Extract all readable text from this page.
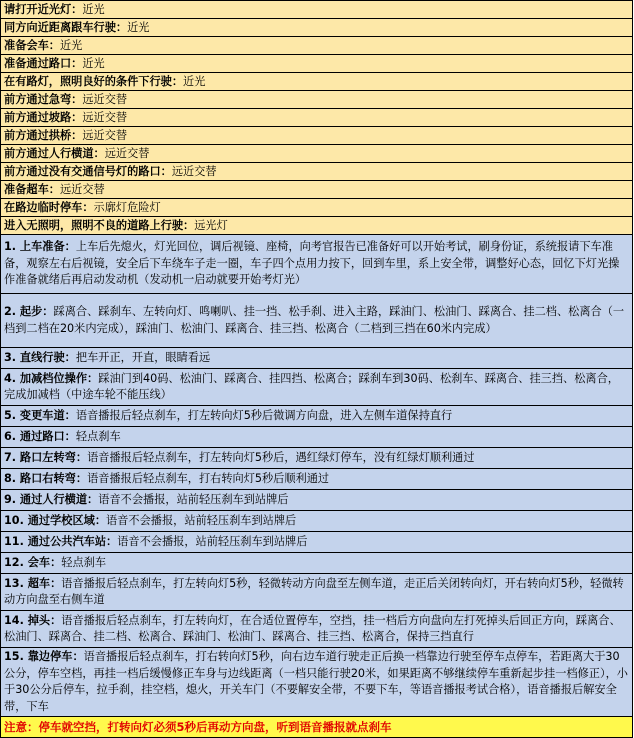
请打开近光灯：近光
同方向近距离跟车行驶：近光
准备会车：近光
准备通过路口：近光
在有路灯，照明良好的条件下行驶：近光
前方通过急弯：远近交替
前方通过坡路：远近交替
前方通过拱桥：远近交替
前方通过人行横道：远近交替
前方通过没有交通信号灯的路口：远近交替
准备超车：远近交替
在路边临时停车：示廓灯危险灯
进入无照明，照明不良的道路上行驶：远光灯
1. 上车准备：上车后先熄火，灯光回位，调后视镜、座椅，向考官报告已准备好可以开始考试，刷身份证，系统报请下车准备，观察左右后视镜，安全后下车绕车子走一圈，车子四个点用力按下，回到车里，系上安全带，调整好心态，回忆下灯光操作准备就绪后再启动发动机（发动机一启动就要开始考灯光）
2. 起步：踩离合、踩刹车、左转向灯、鸣喇叭、挂一挡、松手刹、进入主路，踩油门、松油门、踩离合、挂二档、松离合（一档到二档在20米内完成），踩油门、松油门、踩离合、挂三挡、松离合（二档到三挡在60米内完成）
3. 直线行驶：把车开正，开直，眼睛看远
4. 加减档位操作：踩油门到40码、松油门、踩离合、挂四挡、松离合；踩刹车到30码、松刹车、踩离合、挂三挡、松离合，完成加减档（中途车轮不能压线）
5. 变更车道：语音播报后轻点刹车，打左转向灯5秒后微调方向盘，进入左侧车道保持直行
6. 通过路口：轻点刹车
7. 路口左转弯：语音播报后轻点刹车，打左转向灯5秒后，遇红绿灯停车，没有红绿灯顺利通过
8. 路口右转弯：语音播报后轻点刹车，打右转向灯5秒后顺利通过
9. 通过人行横道：语音不会播报，站前轻压刹车到站牌后
10. 通过学校区域：语音不会播报，站前轻压刹车到站牌后
11. 通过公共汽车站：语音不会播报，站前轻压刹车到站牌后
12. 会车：轻点刹车
13. 超车：语音播报后轻点刹车，打左转向灯5秒，轻微转动方向盘至左侧车道，走正后关闭转向灯，开右转向灯5秒，轻微转动方向盘至右侧车道
14. 掉头：语音播报后轻点刹车，打左转向灯，在合适位置停车，空挡，挂一档后方向盘向左打死掉头后回正方向，踩离合、松油门、踩离合、挂二档、松离合、踩油门、松油门、踩离合、挂三挡、松离合，保持三挡直行
15. 靠边停车：语音播报后轻点刹车，打右转向灯5秒，向右边车道行驶走正后换一档靠边行驶至停车点停车，若距离大于30公分，停车空档，再挂一档后缓慢修正车身与边线距离（一档只能行驶20米，如果距离不够继续停车重新起步挂一档修正），小于30公分后停车，拉手刹，挂空档，熄火，开关车门（不要解安全带，不要下车，等语音播报考试合格），语音播报后解安全带，下车
注意：停车就空挡，打转向灯必须5秒后再动方向盘，听到语音播报就点刹车
